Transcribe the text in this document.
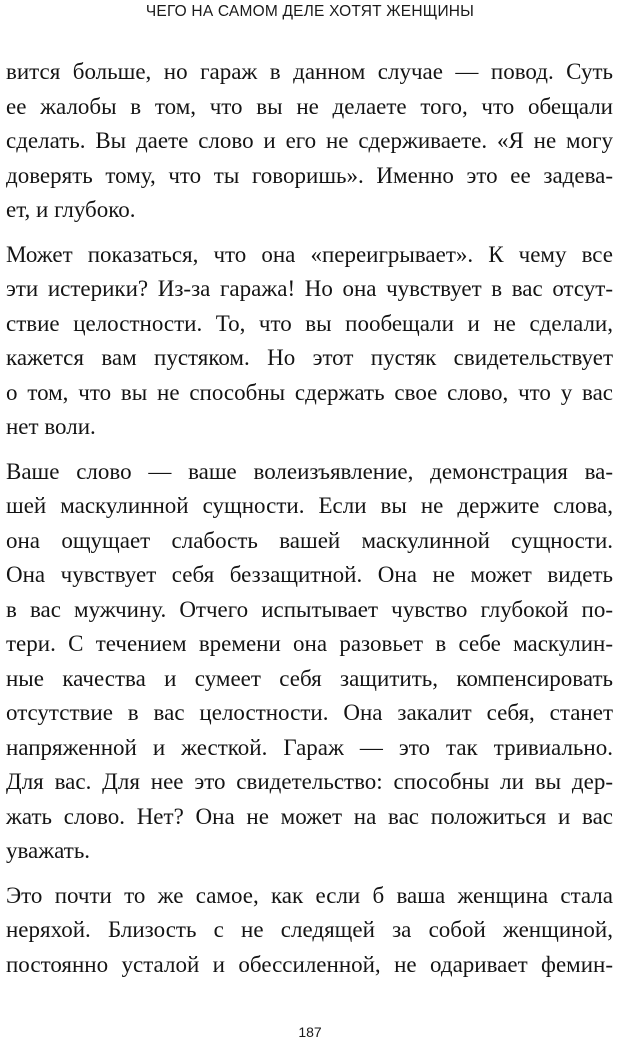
ЧЕГО НА САМОМ ДЕЛЕ ХОТЯТ ЖЕНЩИНЫ
вится больше, но гараж в данном случае — повод. Суть
ее жалобы в том, что вы не делаете того, что обещали
сделать. Вы даете слово и его не сдерживаете. «Я не могу
доверять тому, что ты говоришь». Именно это ее задева-
ет, и глубоко.
Может показаться, что она «переигрывает». К чему все
эти истерики? Из-за гаража! Но она чувствует в вас отсут-
ствие целостности. То, что вы пообещали и не сделали,
кажется вам пустяком. Но этот пустяк свидетельствует
о том, что вы не способны сдержать свое слово, что у вас
нет воли.
Ваше слово — ваше волеизъявление, демонстрация ва-
шей маскулинной сущности. Если вы не держите слова,
она ощущает слабость вашей маскулинной сущности.
Она чувствует себя беззащитной. Она не может видеть
в вас мужчину. Отчего испытывает чувство глубокой по-
тери. С течением времени она разовьет в себе маскулин-
ные качества и сумеет себя защитить, компенсировать
отсутствие в вас целостности. Она закалит себя, станет
напряженной и жесткой. Гараж — это так тривиально.
Для вас. Для нее это свидетельство: способны ли вы дер-
жать слово. Нет? Она не может на вас положиться и вас
уважать.
Это почти то же самое, как если б ваша женщина стала
неряхой. Близость с не следящей за собой женщиной,
постоянно усталой и обессиленной, не одаривает фемин-
187
